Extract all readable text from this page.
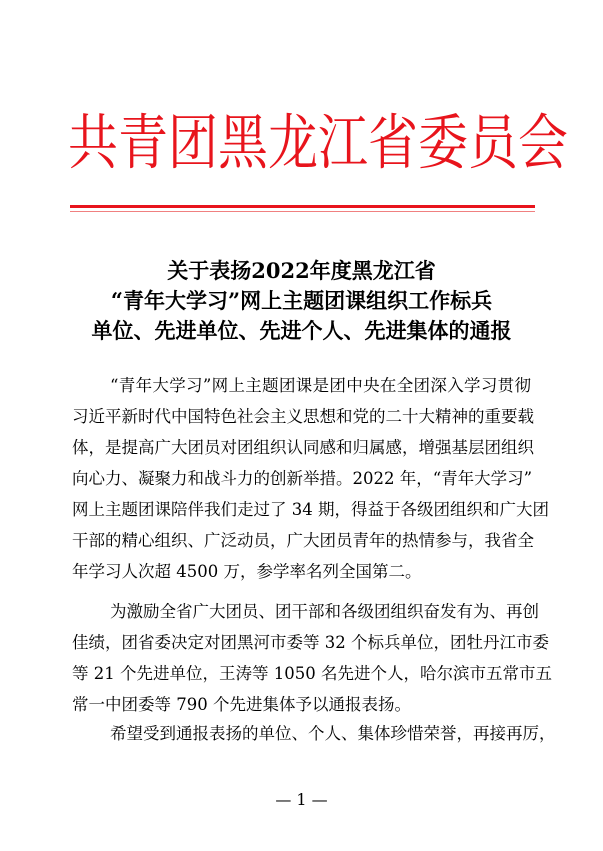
共 青 团 黑 龙 江 省 委 员 会
关于表扬2022年度黑龙江省
“青年大学习”网上主题团课组织工作标兵
单位、先进单位、先进个人、先进集体的通报
“青年大学习”网上主题团课是团中央在全团深入学习贯彻
习近平新时代中国特色社会主义思想和党的二十大精神的重要载
体，是提高广大团员对团组织认同感和归属感，增强基层团组织
向心力、凝聚力和战斗力的创新举措。2022 年，“青年大学习”
网上主题团课陪伴我们走过了 34 期，得益于各级团组织和广大团
干部的精心组织、广泛动员，广大团员青年的热情参与，我省全
年学习人次超 4500 万，参学率名列全国第二。
为激励全省广大团员、团干部和各级团组织奋发有为、再创
佳绩，团省委决定对团黑河市委等 32 个标兵单位，团牡丹江市委
等 21 个先进单位，王涛等 1050 名先进个人，哈尔滨市五常市五
常一中团委等 790 个先进集体予以通报表扬。
希望受到通报表扬的单位、个人、集体珍惜荣誉，再接再厉，
— 1 —
